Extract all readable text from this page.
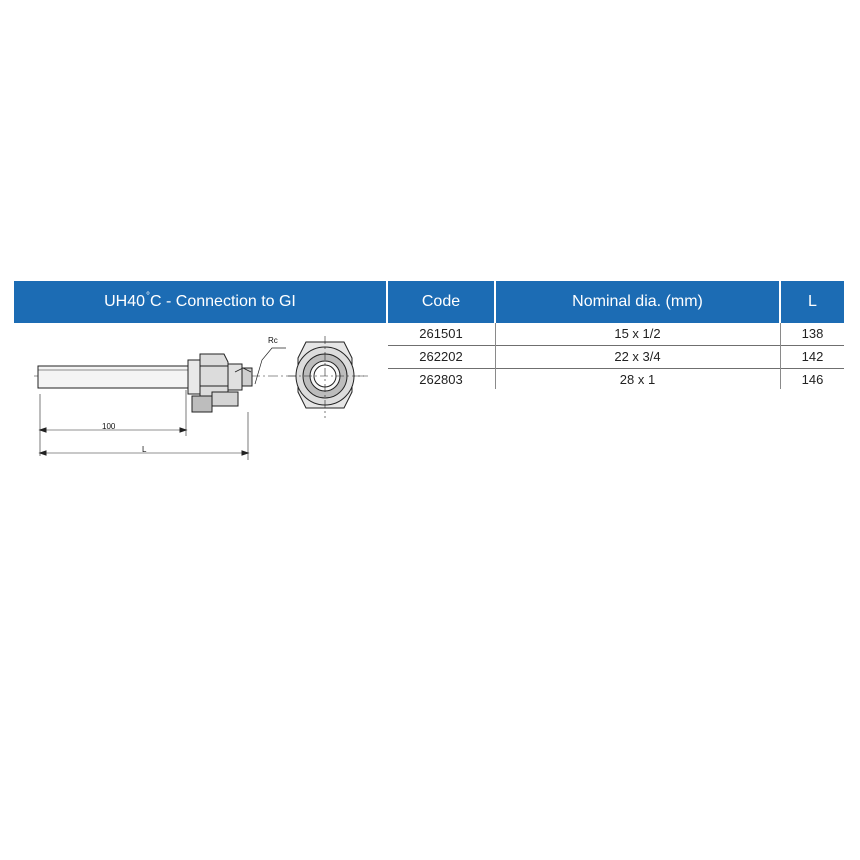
UH40 ° C - Connection to GI	Code	Nominal dia. (mm)	L
261501	15 x 1/2	138
262202	22 x 3/4	142
262803	28 x 1	146
100
L
Rc
